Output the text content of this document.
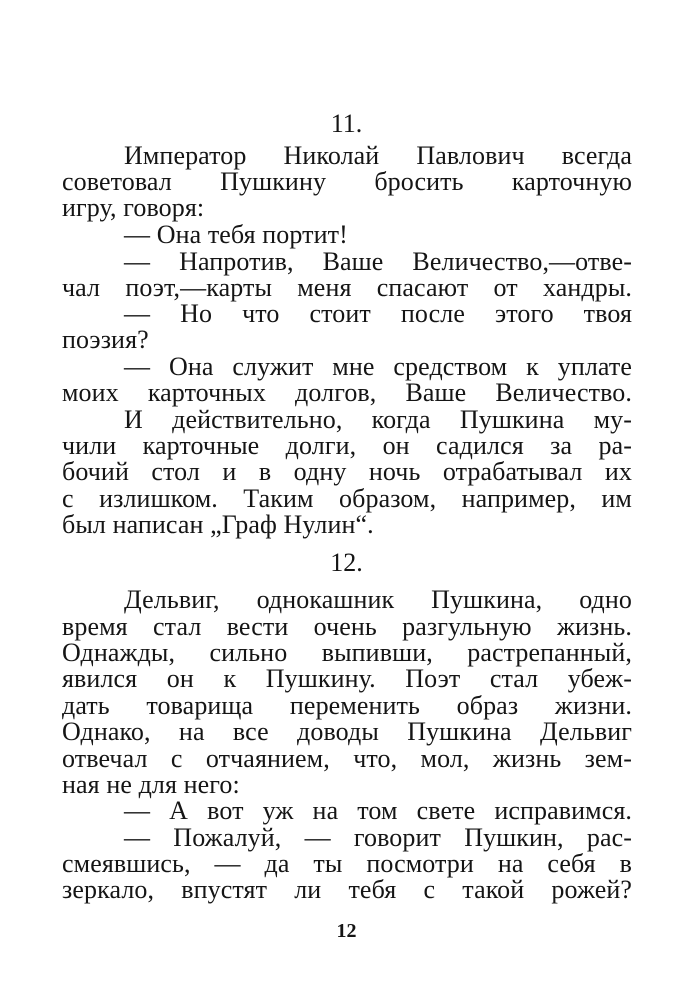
11.
Император Николай Павлович всегда
советовал Пушкину бросить карточную
игру, говоря:
— Она тебя портит!
— Напротив, Ваше Величество,—отве-
чал поэт,—карты меня спасают от хандры.
— Но что стоит после этого твоя
поэзия?
— Она служит мне средством к уплате
моих карточных долгов, Ваше Величество.
И действительно, когда Пушкина му-
чили карточные долги, он садился за ра-
бочий стол и в одну ночь отрабатывал их
с излишком. Таким образом, например, им
был написан „Граф Нулин“.
12.
Дельвиг, однокашник Пушкина, одно
время стал вести очень разгульную жизнь.
Однажды, сильно выпивши, растрепанный,
явился он к Пушкину. Поэт стал убеж-
дать товарища переменить образ жизни.
Однако, на все доводы Пушкина Дельвиг
отвечал с отчаянием, что, мол, жизнь зем-
ная не для него:
— А вот уж на том свете исправимся.
— Пожалуй, — говорит Пушкин, рас-
смеявшись, — да ты посмотри на себя в
зеркало, впустят ли тебя с такой рожей?
12
